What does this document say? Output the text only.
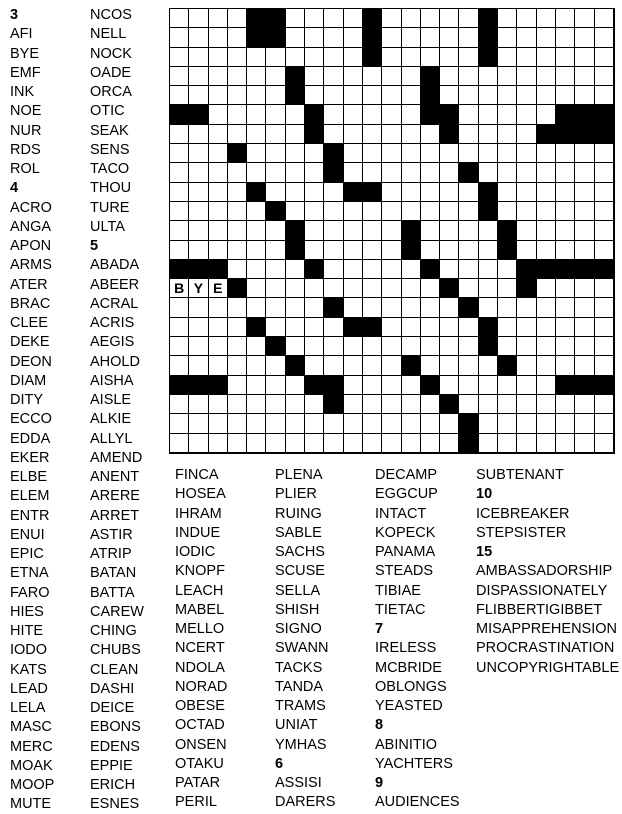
3
AFI
BYE
EMF
INK
NOE
NUR
RDS
ROL
4
ACRO
ANGA
APON
ARMS
ATER
BRAC
CLEE
DEKE
DEON
DIAM
DITY
ECCO
EDDA
EKER
ELBE
ELEM
ENTR
ENUI
EPIC
ETNA
FARO
HIES
HITE
IODO
KATS
LEAD
LELA
MASC
MERC
MOAK
MOOP
MUTE
NCOS
NELL
NOCK
OADE
ORCA
OTIC
SEAK
SENS
TACO
THOU
TURE
ULTA
5
ABADA
ABEER
ACRAL
ACRIS
AEGIS
AHOLD
AISHA
AISLE
ALKIE
ALLYL
AMEND
ANENT
ARERE
ARRET
ASTIR
ATRIP
BATAN
BATTA
CAREW
CHING
CHUBS
CLEAN
DASHI
DEICE
EBONS
EDENS
EPPIE
ERICH
ESNES
FINCA
HOSEA
IHRAM
INDUE
IODIC
KNOPF
LEACH
MABEL
MELLO
NCERT
NDOLA
NORAD
OBESE
OCTAD
ONSEN
OTAKU
PATAR
PERIL
PLENA
PLIER
RUING
SABLE
SACHS
SCUSE
SELLA
SHISH
SIGNO
SWANN
TACKS
TANDA
TRAMS
UNIAT
YMHAS
6
ASSISI
DARERS
DECAMP
EGGCUP
INTACT
KOPECK
PANAMA
STEADS
TIBIAE
TIETAC
7
IRELESS
MCBRIDE
OBLONGS
YEASTED
8
ABINITIO
YACHTERS
9
AUDIENCES
SUBTENANT
10
ICEBREAKER
STEPSISTER
15
AMBASSADORSHIP
DISPASSIONATELY
FLIBBERTIGIBBET
MISAPPREHENSION
PROCRASTINATION
UNCOPYRIGHTABLE
B Y E
